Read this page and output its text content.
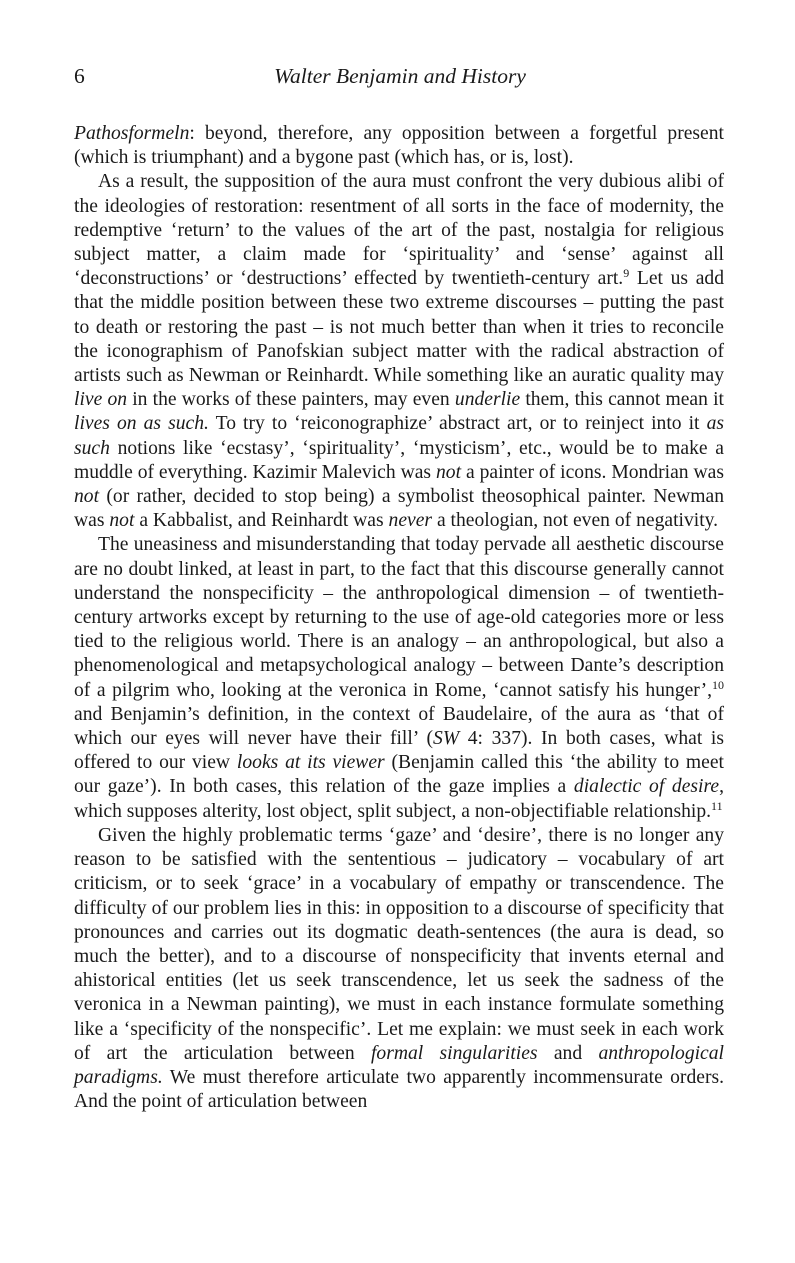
6	Walter Benjamin and History

Pathosformeln: beyond, therefore, any opposition between a forgetful present (which is triumphant) and a bygone past (which has, or is, lost).

As a result, the supposition of the aura must confront the very dubious alibi of the ideologies of restoration: resentment of all sorts in the face of modernity, the redemptive ‘return’ to the values of the art of the past, nostalgia for religious subject matter, a claim made for ‘spirituality’ and ‘sense’ against all ‘deconstructions’ or ‘destructions’ effected by twentieth-century art.$^9$ Let us add that the middle position between these two extreme discourses – putting the past to death or restoring the past – is not much better than when it tries to reconcile the iconographism of Panofskian subject matter with the radical abstraction of artists such as Newman or Reinhardt. While something like an auratic quality may live on in the works of these painters, may even underlie them, this cannot mean it lives on as such. To try to ‘reiconographize’ abstract art, or to reinject into it as such notions like ‘ecstasy’, ‘spirituality’, ‘mysticism’, etc., would be to make a muddle of everything. Kazimir Malevich was not a painter of icons. Mondrian was not (or rather, decided to stop being) a symbolist theosophical painter. Newman was not a Kabbalist, and Reinhardt was never a theologian, not even of negativity.

The uneasiness and misunderstanding that today pervade all aesthetic discourse are no doubt linked, at least in part, to the fact that this discourse generally cannot understand the nonspecificity – the anthropological dimension – of twentieth-century artworks except by returning to the use of age-old categories more or less tied to the religious world. There is an analogy – an anthropological, but also a phenomenological and metapsychological analogy – between Dante’s description of a pilgrim who, looking at the veronica in Rome, ‘cannot satisfy his hunger’,$^{10}$ and Benjamin’s definition, in the context of Baudelaire, of the aura as ‘that of which our eyes will never have their fill’ (SW 4: 337). In both cases, what is offered to our view looks at its viewer (Benjamin called this ‘the ability to meet our gaze’). In both cases, this relation of the gaze implies a dialectic of desire, which supposes alterity, lost object, split subject, a non-objectifiable relationship.$^{11}$

Given the highly problematic terms ‘gaze’ and ‘desire’, there is no longer any reason to be satisfied with the sententious – judicatory – vocabulary of art criticism, or to seek ‘grace’ in a vocabulary of empathy or transcendence. The difficulty of our problem lies in this: in opposition to a discourse of specificity that pronounces and carries out its dogmatic death-sentences (the aura is dead, so much the better), and to a discourse of nonspecificity that invents eternal and ahistorical entities (let us seek transcendence, let us seek the sadness of the veronica in a Newman painting), we must in each instance formulate something like a ‘specificity of the nonspecific’. Let me explain: we must seek in each work of art the articulation between formal singularities and anthropological paradigms. We must therefore articulate two apparently incommensurate orders. And the point of articulation between
